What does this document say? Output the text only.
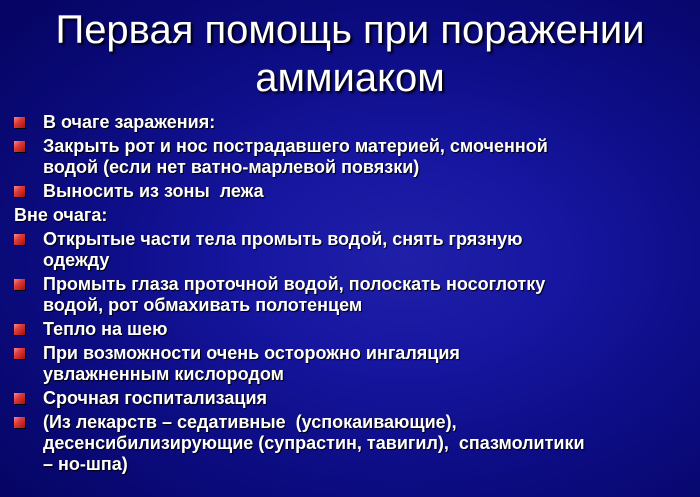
Первая помощь при поражении
аммиаком
В очаге заражения:
Закрыть рот и нос пострадавшего материей, смоченной
водой (если нет ватно-марлевой повязки)
Выносить из зоны  лежа
Вне очага:
Открытые части тела промыть водой, снять грязную
одежду
Промыть глаза проточной водой, полоскать носоглотку
водой, рот обмахивать полотенцем
Тепло на шею
При возможности очень осторожно ингаляция
увлажненным кислородом
Срочная госпитализация
(Из лекарств – седативные  (успокаивающие),
десенсибилизирующие (супрастин, тавигил),  спазмолитики
– но-шпа)
